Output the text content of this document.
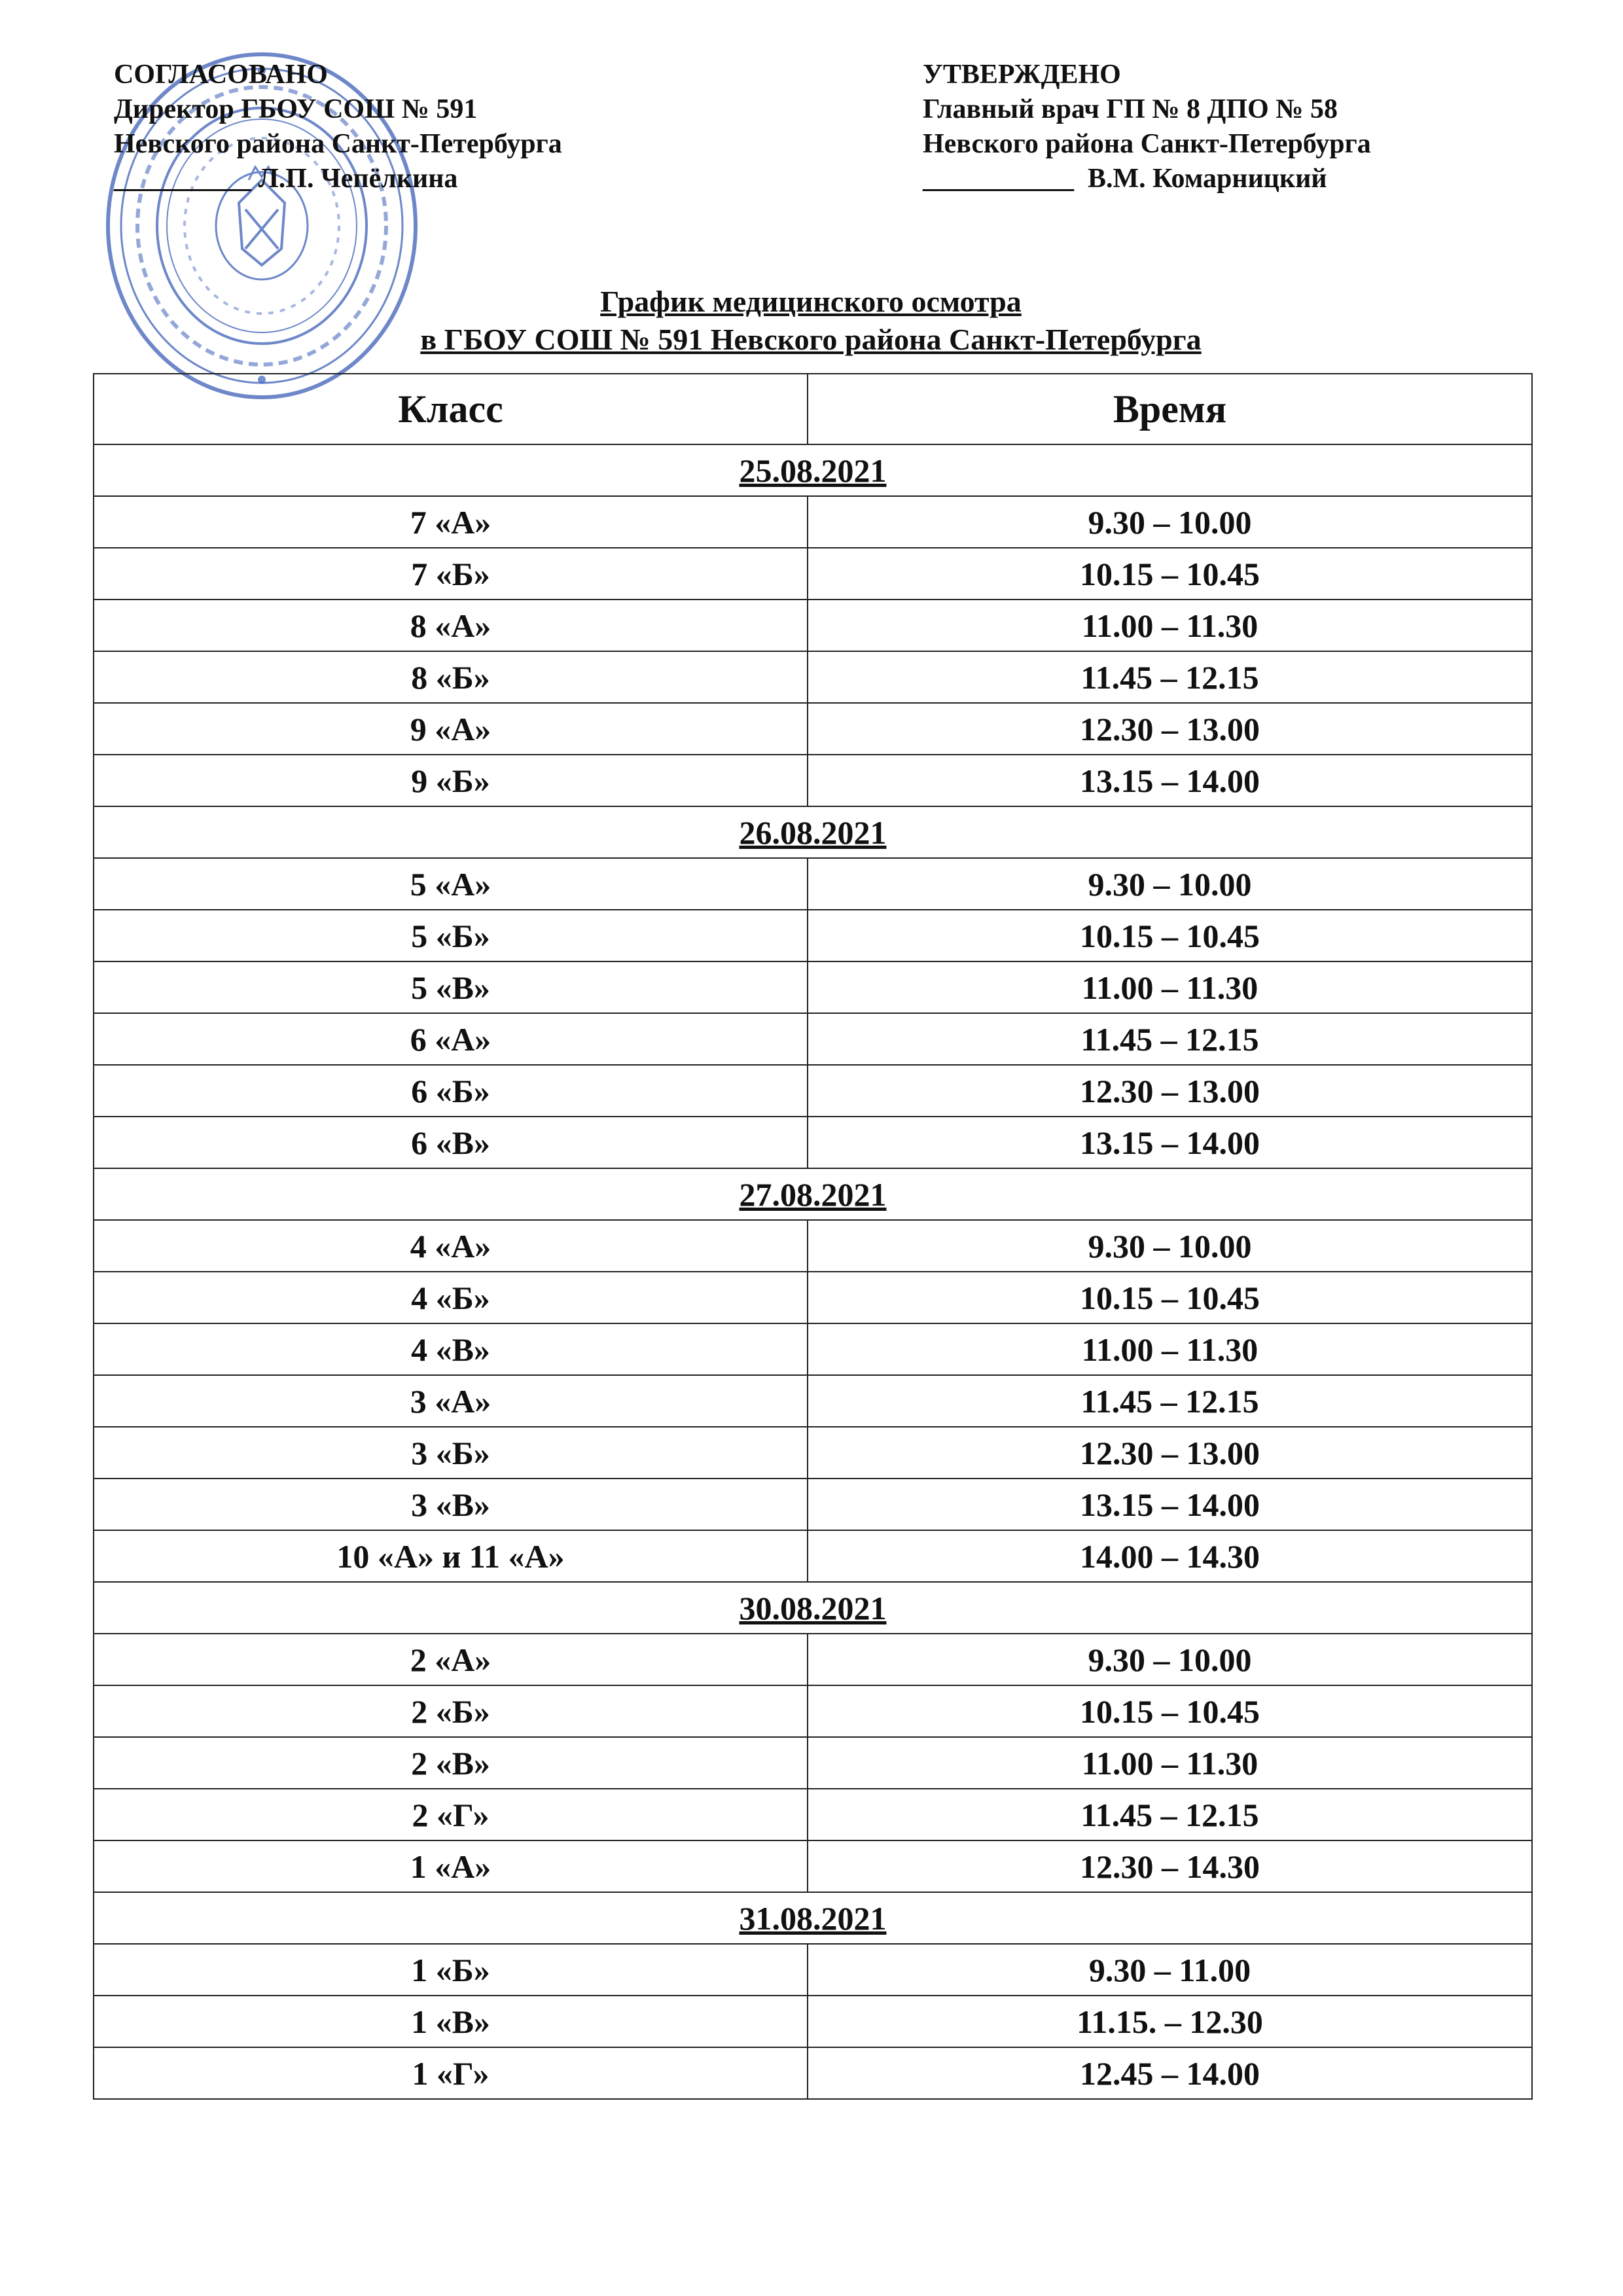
СОГЛАСОВАНО
Директор ГБОУ СОШ № 591
Невского района Санкт-Петербурга
__________ Л.П. Чепёлкина
УТВЕРЖДЕНО
Главный врач ГП № 8 ДПО № 58
Невского района Санкт-Петербурга
___________  В.М. Комарницкий
График медицинского осмотра
в ГБОУ СОШ № 591 Невского района Санкт-Петербурга
Класс	Время
25.08.2021	
7 «А»	9.30 – 10.00
7 «Б»	10.15 – 10.45
8 «А»	11.00 – 11.30
8 «Б»	11.45 – 12.15
9 «А»	12.30 – 13.00
9 «Б»	13.15 – 14.00
26.08.2021	
5 «А»	9.30 – 10.00
5 «Б»	10.15 – 10.45
5 «В»	11.00 – 11.30
6 «А»	11.45 – 12.15
6 «Б»	12.30 – 13.00
6 «В»	13.15 – 14.00
27.08.2021	
4 «А»	9.30 – 10.00
4 «Б»	10.15 – 10.45
4 «В»	11.00 – 11.30
3 «А»	11.45 – 12.15
3 «Б»	12.30 – 13.00
3 «В»	13.15 – 14.00
10 «А» и 11 «А»	14.00 – 14.30
30.08.2021	
2 «А»	9.30 – 10.00
2 «Б»	10.15 – 10.45
2 «В»	11.00 – 11.30
2 «Г»	11.45 – 12.15
1 «А»	12.30 – 14.30
31.08.2021	
1 «Б»	9.30 – 11.00
1 «В»	11.15. – 12.30
1 «Г»	12.45 – 14.00
